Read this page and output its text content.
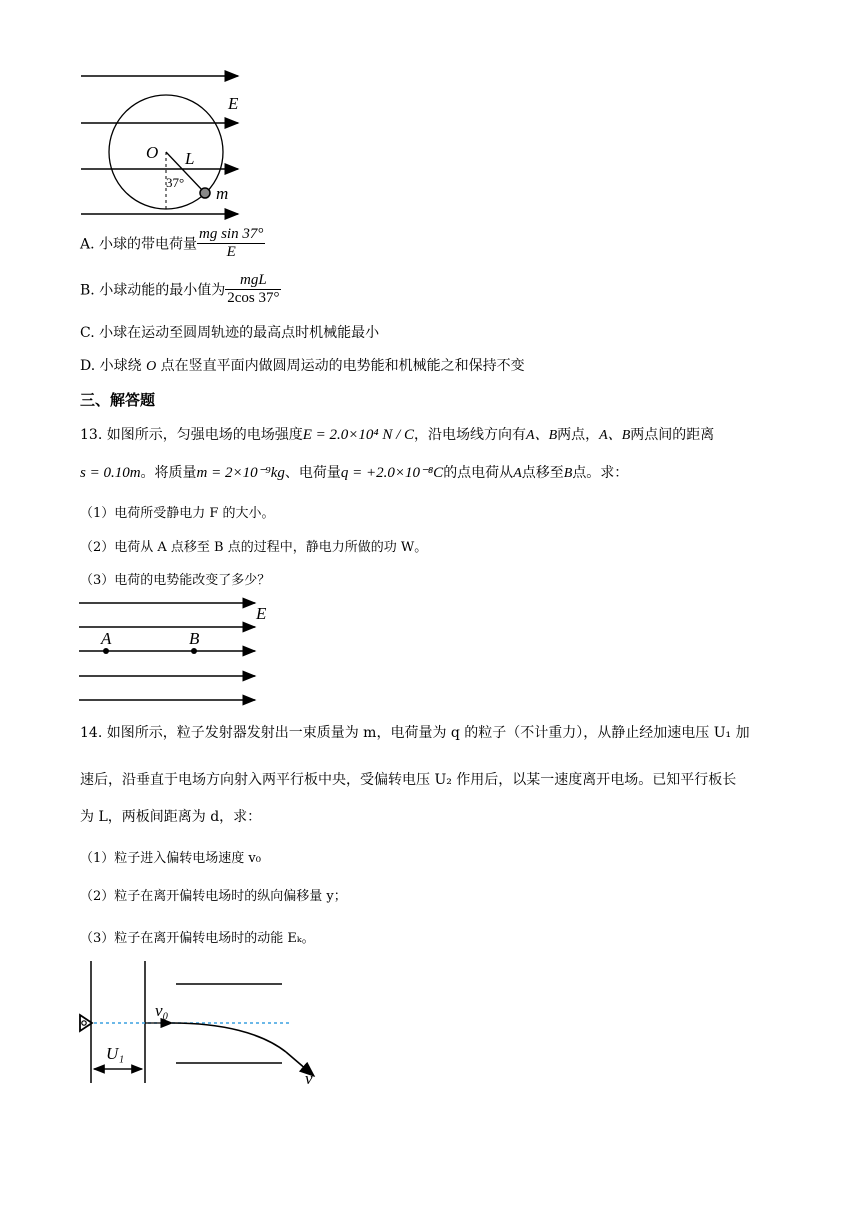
E
O L
37°
m
A. 小球的带电荷量 $\frac{\text{mg sin 37°}}{E}$
B. 小球动能的最小值为 $\frac{\text{mgL}}{2\cos 37^\circ}$
C. 小球在运动至圆周轨迹的最高点时机械能最小
D. 小球绕 O 点在竖直平面内做圆周运动的电势能和机械能之和保持不变
三、解答题
13. 如图所示，匀强电场的电场强度E = 2.0×10⁴ N / C，沿电场线方向有A、B两点，A、B两点间的距离
s = 0.10m。将质量m = 2×10⁻⁹kg、电荷量q = +2.0×10⁻⁸C的点电荷从A点移至B点。求：
（1）电荷所受静电力 F 的大小。
（2）电荷从 A 点移至 B 点的过程中，静电力所做的功 W。
（3）电荷的电势能改变了多少？
A	B
E
14. 如图所示，粒子发射器发射出一束质量为 m，电荷量为 q 的粒子（不计重力），从静止经加速电压 U₁ 加
速后，沿垂直于电场方向射入两平行板中央，受偏转电压 U₂ 作用后，以某一速度离开电场。已知平行板长
为 L，两板间距离为 d，求：
（1）粒子进入偏转电场速度 v₀
（2）粒子在离开偏转电场时的纵向偏移量 y；
（3）粒子在离开偏转电场时的动能 Eₖ。
v₀
U₁
v
